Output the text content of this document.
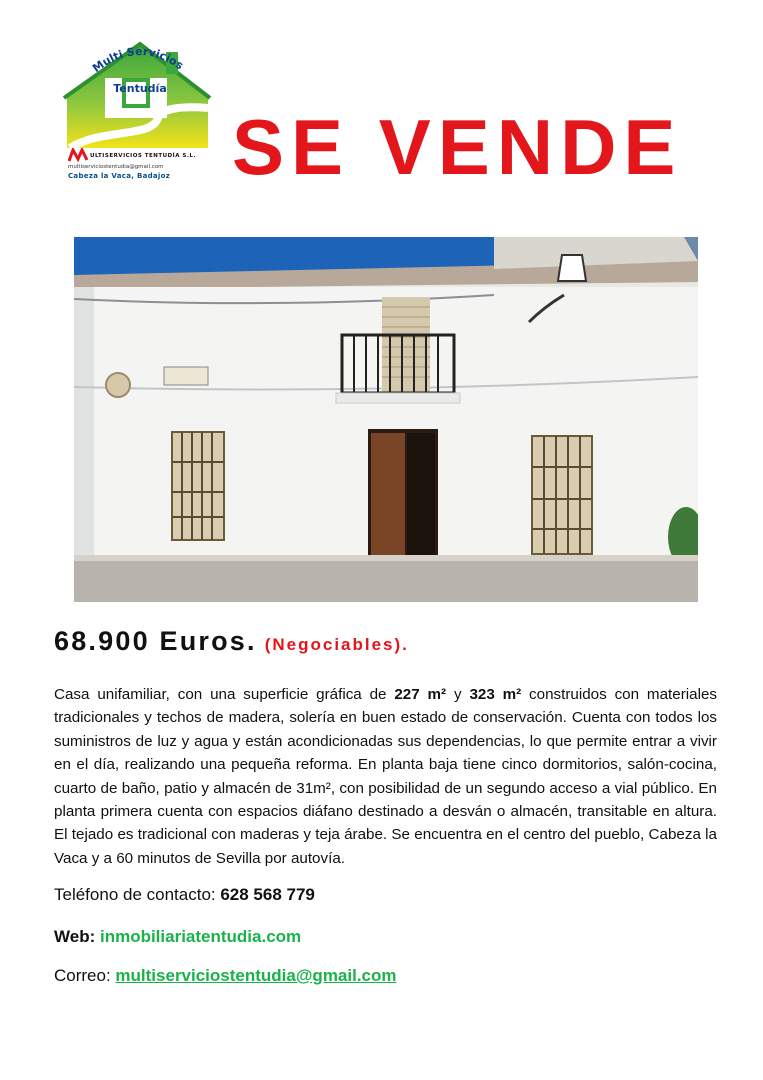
Multi Servicios
Tentudía
ULTISERVICIOS TENTUDÍA S.L.
multiserviciostentudia@gmail.com
Cabeza la Vaca, Badajoz SE VENDE
68.900 Euros. (Negociables).

Casa unifamiliar, con una superficie gráfica de 227 m² y 323 m² construidos con materiales tradicionales y techos de madera, solería en buen estado de conservación. Cuenta con todos los suministros de luz y agua y están acondicionadas sus dependencias, lo que permite entrar a vivir en el día, realizando una pequeña reforma. En planta baja tiene cinco dormitorios, salón-cocina, cuarto de baño, patio y almacén de 31m², con posibilidad de un segundo acceso a vial público. En planta primera cuenta con espacios diáfano destinado a desván o almacén, transitable en altura. El tejado es tradicional con maderas y teja árabe. Se encuentra en el centro del pueblo, Cabeza la Vaca y a 60 minutos de Sevilla por autovía.

Teléfono de contacto: 628 568 779
Web: inmobiliariatentudia.com
Correo: multiserviciostentudia@gmail.com
